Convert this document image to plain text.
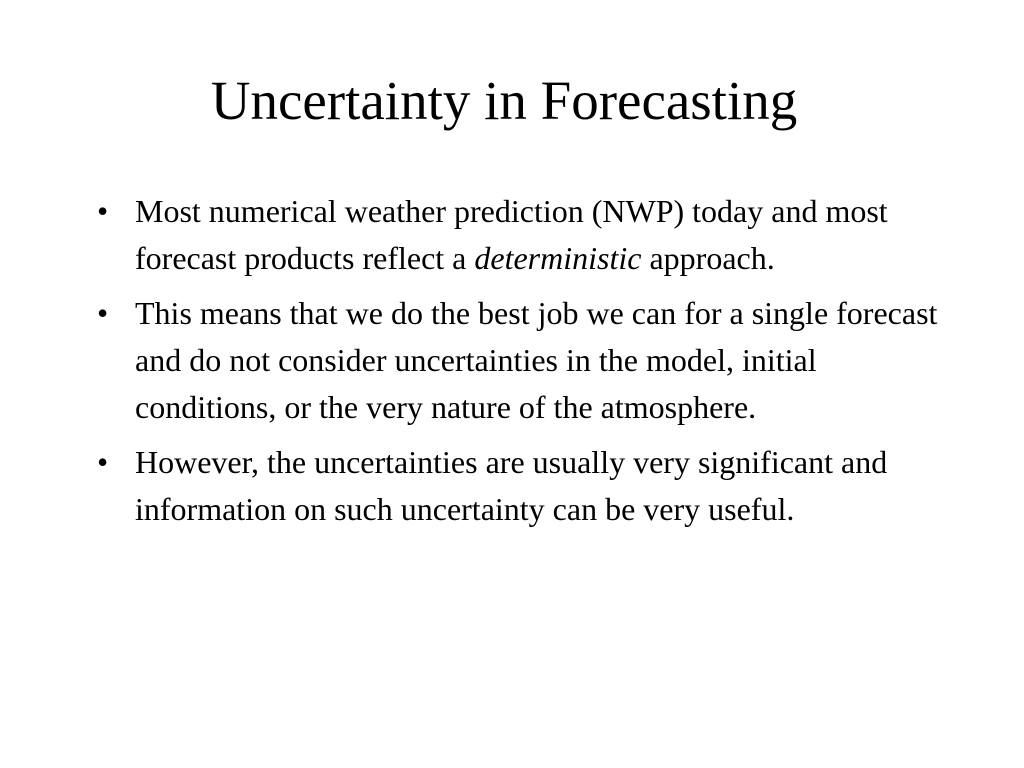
Uncertainty in Forecasting
• Most numerical weather prediction (NWP) today and most forecast products reflect a deterministic approach.
• This means that we do the best job we can for a single forecast and do not consider uncertainties in the model, initial conditions, or the very nature of the atmosphere.
• However, the uncertainties are usually very significant and information on such uncertainty can be very useful.
